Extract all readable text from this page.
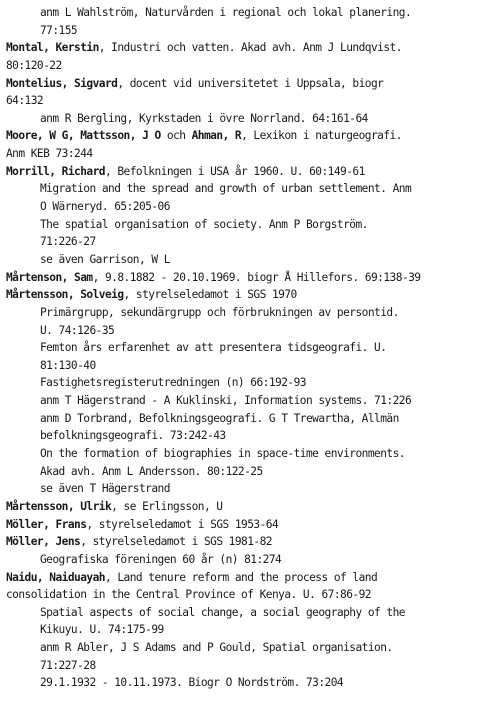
anm L Wahlström, Naturvården i regional och lokal planering.
77:155
Montal, Kerstin, Industri och vatten. Akad avh. Anm J Lundqvist.
80:120-22
Montelius, Sigvard, docent vid universitetet i Uppsala, biogr
64:132
anm R Bergling, Kyrkstaden i övre Norrland. 64:161-64
Moore, W G, Mattsson, J O och Ahman, R, Lexikon i naturgeografi.
Anm KEB 73:244
Morrill, Richard, Befolkningen i USA år 1960. U. 60:149-61
Migration and the spread and growth of urban settlement. Anm
O Wärneryd. 65:205-06
The spatial organisation of society. Anm P Borgström.
71:226-27
se även Garrison, W L
Mårtenson, Sam, 9.8.1882 - 20.10.1969. biogr Å Hillefors. 69:138-39
Mårtensson, Solveig, styrelseledamot i SGS 1970
Primärgrupp, sekundärgrupp och förbrukningen av persontid.
U. 74:126-35
Femton års erfarenhet av att presentera tidsgeografi. U.
81:130-40
Fastighetsregisterutredningen (n) 66:192-93
anm T Hägerstrand - A Kuklinski, Information systems. 71:226
anm D Torbrand, Befolkningsgeografi. G T Trewartha, Allmän
befolkningsgeografi. 73:242-43
On the formation of biographies in space-time environments.
Akad avh. Anm L Andersson. 80:122-25
se även T Hägerstrand
Mårtensson, Ulrik, se Erlingsson, U
Möller, Frans, styrelseledamot i SGS 1953-64
Möller, Jens, styrelseledamot i SGS 1981-82
Geografiska föreningen 60 år (n) 81:274
Naidu, Naiduayah, Land tenure reform and the process of land
consolidation in the Central Province of Kenya. U. 67:86-92
Spatial aspects of social change, a social geography of the
Kikuyu. U. 74:175-99
anm R Abler, J S Adams and P Gould, Spatial organisation.
71:227-28
29.1.1932 - 10.11.1973. Biogr O Nordström. 73:204
